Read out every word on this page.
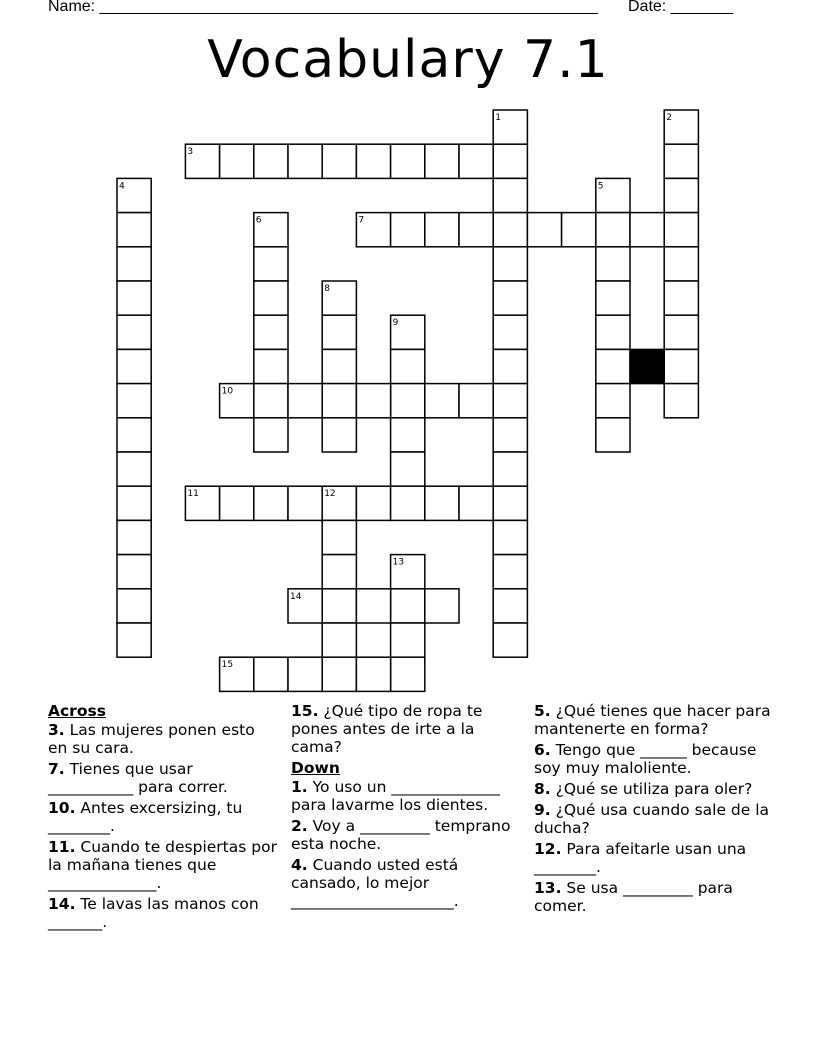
Name: ________________________________________________________ Date: _______
Vocabulary 7.1
1	2
3
4	5
6	7
8
9
10
11	12
13
14
15
Across
3. Las mujeres ponen esto en su cara.
7. Tienes que usar ___________ para correr.
10. Antes excersizing, tu ________.
11. Cuando te despiertas por la mañana tienes que ______________.
14. Te lavas las manos con _______.
15. ¿Qué tipo de ropa te pones antes de irte a la cama?
Down
1. Yo uso un ______________ para lavarme los dientes.
2. Voy a _________ temprano esta noche.
4. Cuando usted está cansado, lo mejor _____________________.
5. ¿Qué tienes que hacer para mantenerte en forma?
6. Tengo que ______ because soy muy maloliente.
8. ¿Qué se utiliza para oler?
9. ¿Qué usa cuando sale de la ducha?
12. Para afeitarle usan una ________.
13. Se usa _________ para comer.
